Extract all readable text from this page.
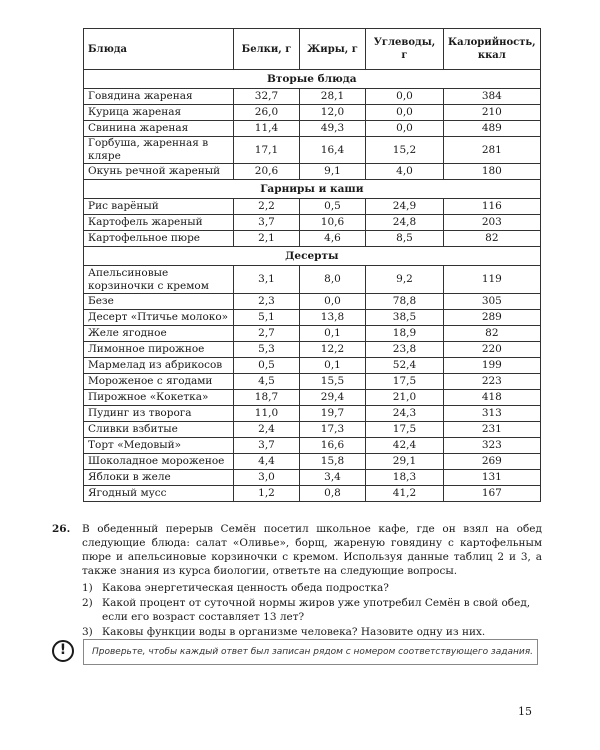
Блюда	Белки, г	Жиры, г	Углеводы, г	Калорийность, ккал
Вторые блюда				
Говядина жареная	32,7	28,1	0,0	384
Курица жареная	26,0	12,0	0,0	210
Свинина жареная	11,4	49,3	0,0	489
Горбуша, жаренная в кляре	17,1	16,4	15,2	281
Окунь речной жареный	20,6	9,1	4,0	180
Гарниры и каши				
Рис варёный	2,2	0,5	24,9	116
Картофель жареный	3,7	10,6	24,8	203
Картофельное пюре	2,1	4,6	8,5	82
Десерты				
Апельсиновые корзиночки с кремом	3,1	8,0	9,2	119
Безе	2,3	0,0	78,8	305
Десерт «Птичье молоко»	5,1	13,8	38,5	289
Желе ягодное	2,7	0,1	18,9	82
Лимонное пирожное	5,3	12,2	23,8	220
Мармелад из абрикосов	0,5	0,1	52,4	199
Мороженое с ягодами	4,5	15,5	17,5	223
Пирожное «Кокетка»	18,7	29,4	21,0	418
Пудинг из творога	11,0	19,7	24,3	313
Сливки взбитые	2,4	17,3	17,5	231
Торт «Медовый»	3,7	16,6	42,4	323
Шоколадное мороженое	4,4	15,8	29,1	269
Яблоки в желе	3,0	3,4	18,3	131
Ягодный мусс	1,2	0,8	41,2	167
26. В обеденный перерыв Семён посетил школьное кафе, где он взял на обед следующие блюда: салат «Оливье», борщ, жареную говядину с картофельным пюре и апельсиновые корзиночки с кремом. Используя данные таблиц 2 и 3, а также знания из курса биологии, ответьте на следующие вопросы.
1) Какова энергетическая ценность обеда подростка?
2) Какой процент от суточной нормы жиров уже употребил Семён в свой обед, если его возраст составляет 13 лет?
3) Каковы функции воды в организме человека? Назовите одну из них.
!	Проверьте, чтобы каждый ответ был записан рядом с номером соответствующего задания.
15
